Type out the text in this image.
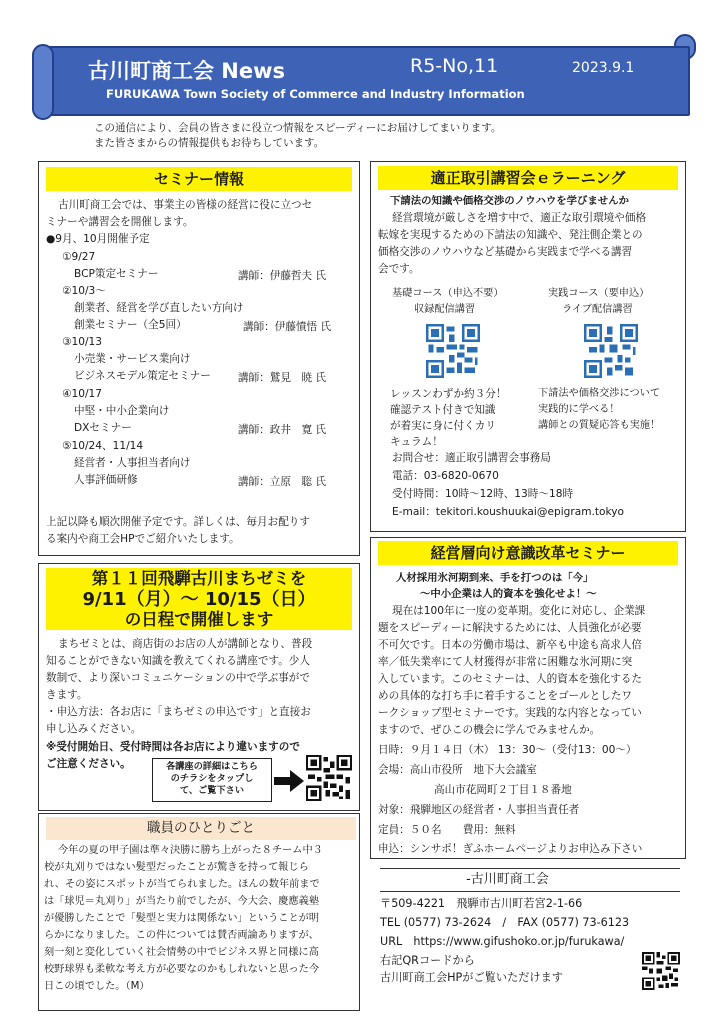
古川町商工会 News	R5-No,11	2023.9.1
FURUKAWA Town Society of Commerce and Industry Information
この通信により、会員の皆さまに役立つ情報をスピーディーにお届けしてまいります。
また皆さまからの情報提供もお待ちしています。
セミナー情報
古川町商工会では、事業主の皆様の経営に役に立つセ
ミナーや講習会を開催します。
●9月、10月開催予定
①9/27
BCP策定セミナー	講師：伊藤哲夫 氏
②10/3～
創業者、経営を学び直したい方向け
創業セミナー（全5回）	講師：伊藤憤悟 氏
③10/13
小売業・サービス業向け
ビジネスモデル策定セミナー	講師：鷲見　暁 氏
④10/17
中堅・中小企業向け
DXセミナー	講師：政井　寛 氏
⑤10/24、11/14
経営者・人事担当者向け
人事評価研修	講師：立原　聡 氏
上記以降も順次開催予定です。詳しくは、毎月お配りす
る案内や商工会HPでご紹介いたします。
第１１回飛騨古川まちゼミを
9/11（月）～ 10/15（日）
の日程で開催します
まちゼミとは、商店街のお店の人が講師となり、普段
知ることができない知識を教えてくれる講座です。少人
数制で、より深いコミュニケーションの中で学ぶ事がで
きます。
・申込方法：各お店に「まちゼミの申込です」と直接お
申し込みください。
※受付開始日、受付時間は各お店により違いますので
ご注意ください。	各講座の詳細はこちら
のチラシをタップし
て、ご覧下さい
職員のひとりごと
今年の夏の甲子園は準々決勝に勝ち上がった８チーム中３
校が丸刈りではない髪型だったことが驚きを持って報じら
れ、その姿にスポットが当てられました。ほんの数年前まで
は「球児＝丸刈り」が当たり前でしたが、今大会、慶應義塾
が優勝したことで「髪型と実力は関係ない」ということが明
らかになりました。この件については賛否両論ありますが、
刻一刻と変化していく社会情勢の中でビジネス界と同様に高
校野球界も柔軟な考え方が必要なのかもしれないと思った今
日この頃でした。（M）
適正取引講習会ｅラーニング
下請法の知識や価格交渉のノウハウを学びませんか
経営環境が厳しさを増す中で、適正な取引環境や価格
転嫁を実現するための下請法の知識や、発注側企業との
価格交渉のノウハウなど基礎から実践まで学べる講習
会です。
基礎コース（申込不要）
収録配信講習
実践コース（要申込）
ライブ配信講習
レッスンわずか約３分！
確認テスト付きで知識
が着実に身に付くカリ
キュラム！
下請法や価格交渉について
実践的に学べる！
講師との質疑応答も実施！
お問合せ：適正取引講習会事務局
電話：03-6820-0670
受付時間：10時～12時、13時～18時
E-mail：tekitori.koushuukai@epigram.tokyo
経営層向け意識改革セミナー
人材採用氷河期到来、手を打つのは「今」
～中小企業は人的資本を強化せよ！～
現在は100年に一度の変革期。変化に対応し、企業課
題をスピーディーに解決するためには、人員強化が必要
不可欠です。日本の労働市場は、新卒も中途も高求人倍
率／低失業率にて人材獲得が非常に困難な氷河期に突
入しています。このセミナーは、人的資本を強化するた
めの具体的な打ち手に着手することをゴールとしたワ
ークショップ型セミナーです。実践的な内容となってい
ますので、ぜひこの機会に学んでみませんか。
日時：９月１４日（木） 13：30～（受付13：00～）
会場：高山市役所　地下大会議室
高山市花岡町２丁目１８番地
対象：飛騨地区の経営者・人事担当責任者
定員：５０名　　費用：無料
申込：シンサポ！ぎふホームページよりお申込み下さい
-古川町商工会
〒509-4221　飛騨市古川町若宮2-1-66
TEL (0577) 73-2624　/　FAX (0577) 73-6123
URL　https://www.gifushoko.or.jp/furukawa/
右記QRコードから
古川町商工会HPがご覧いただけます
